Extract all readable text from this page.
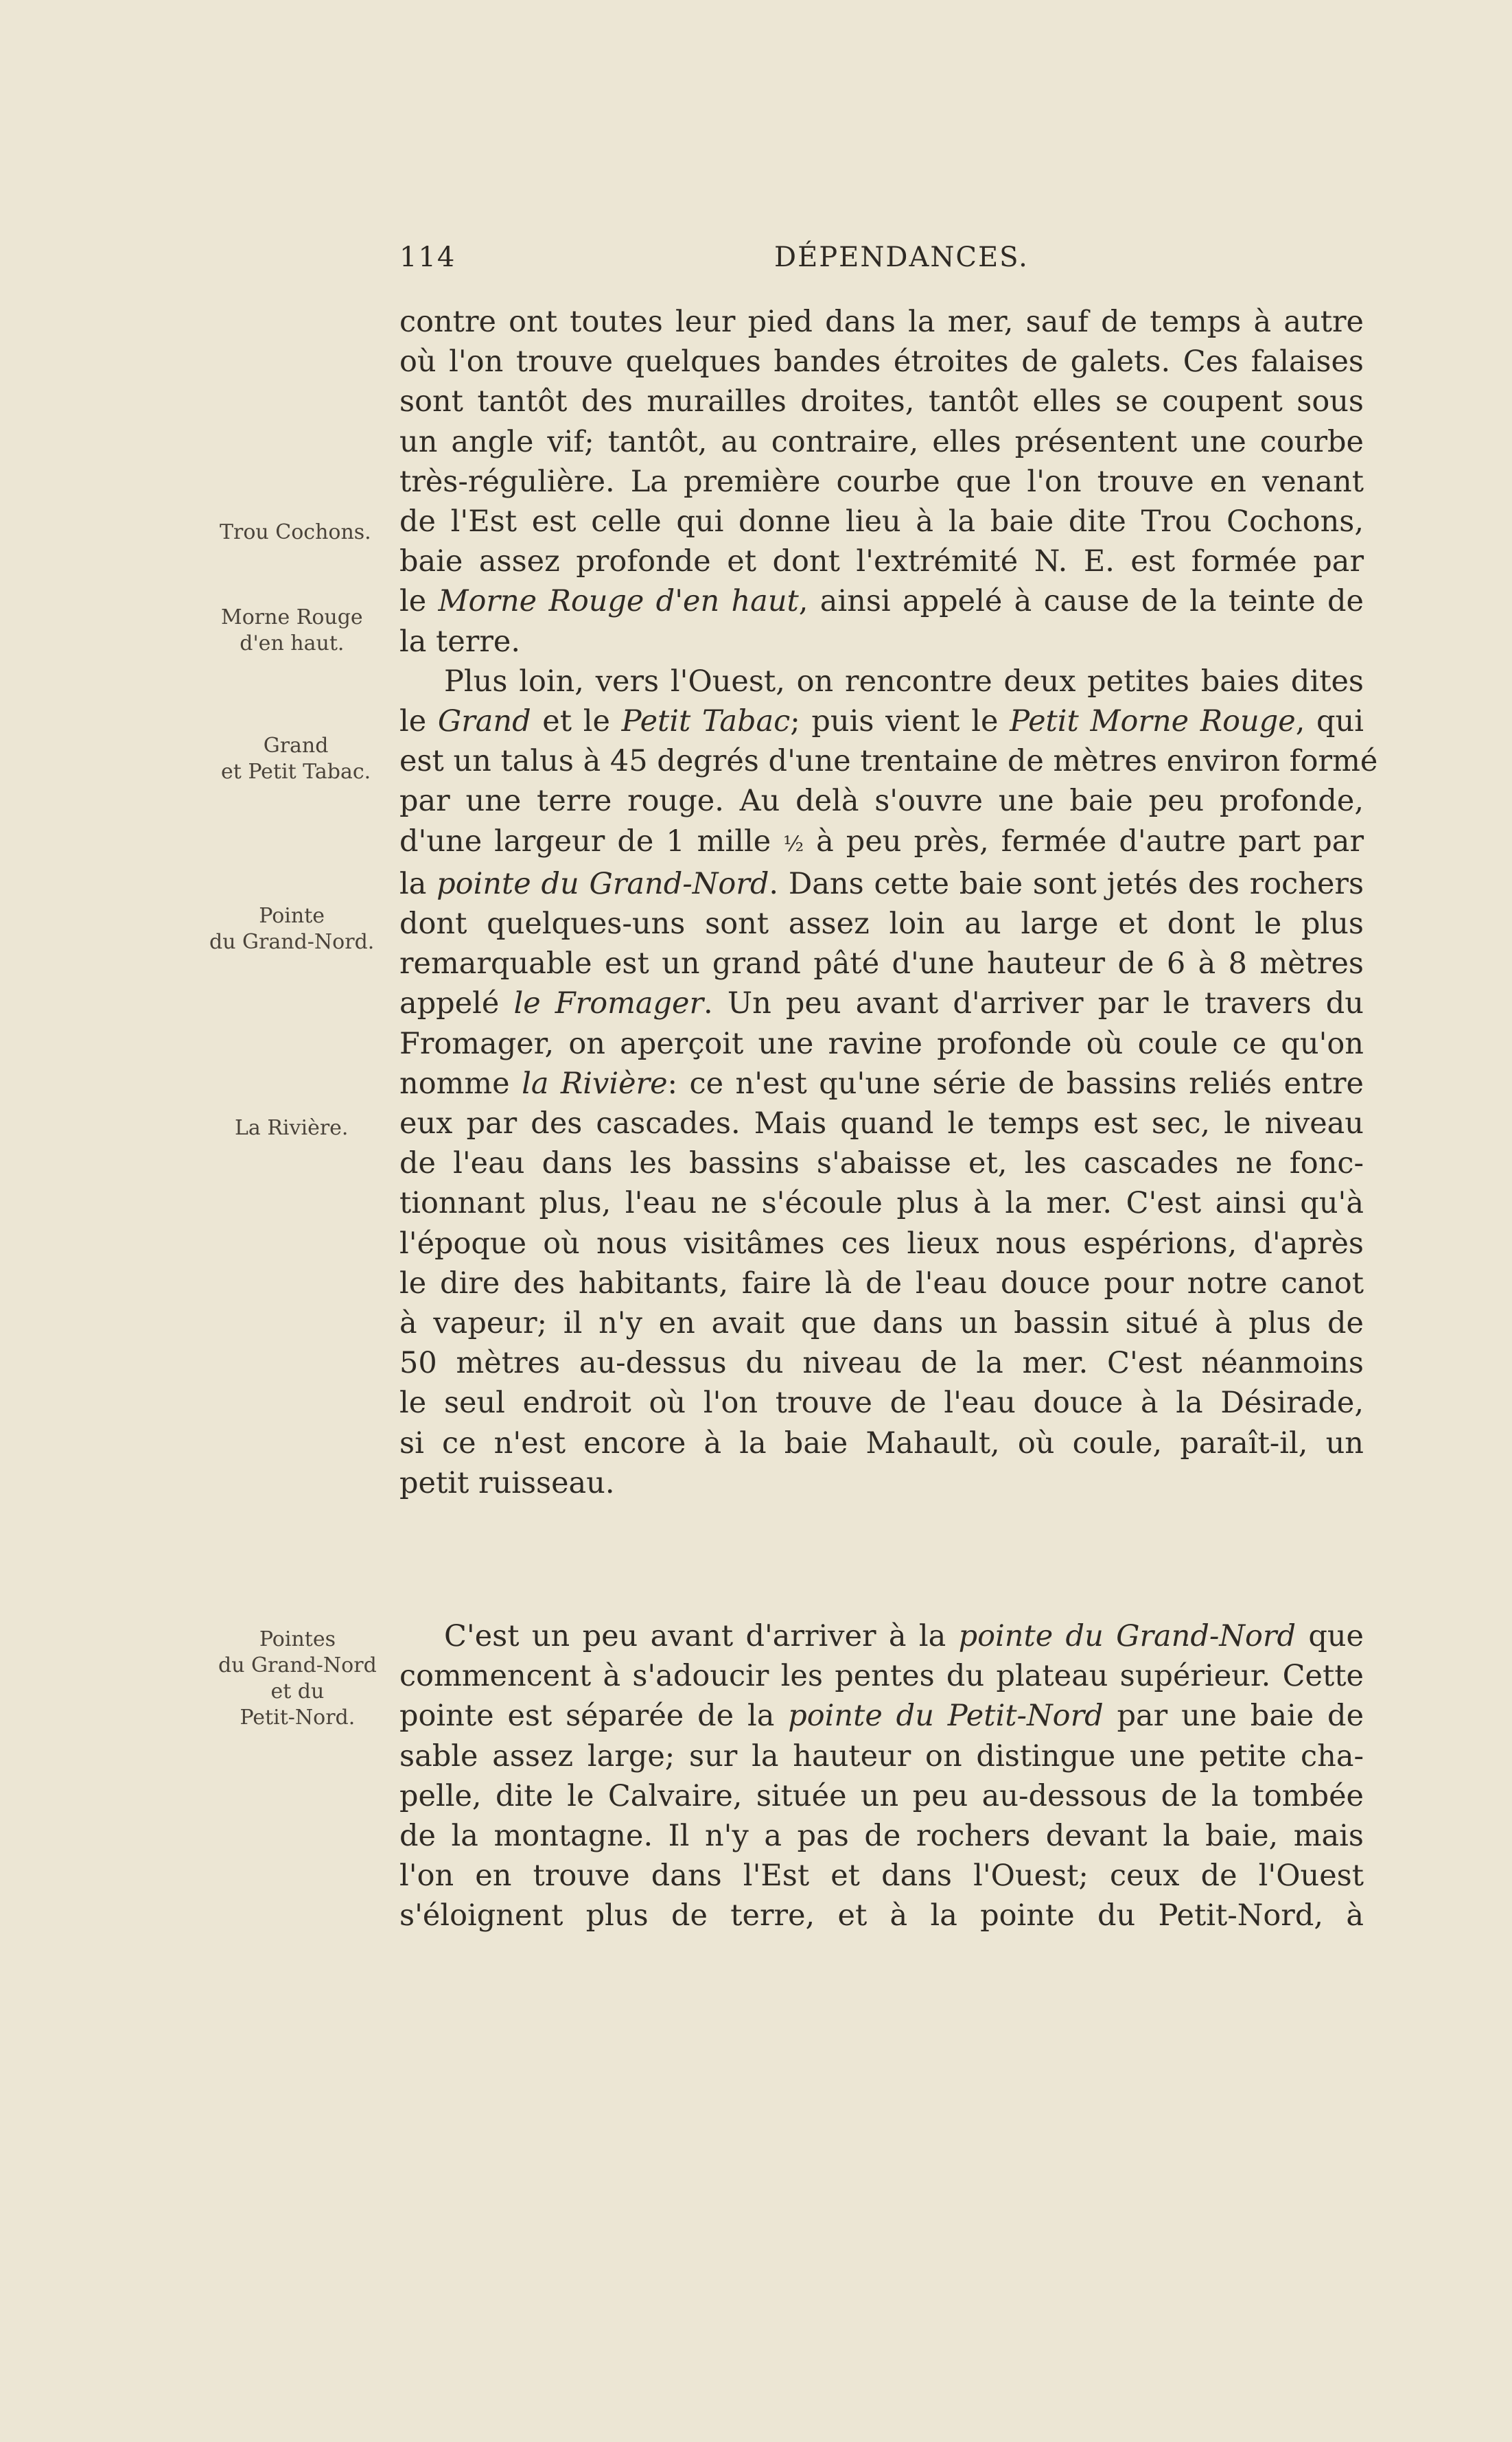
114	DÉPENDANCES.
Trou Cochons.
Morne Rouge
d'en haut.
Grand
et Petit Tabac.
Pointe
du Grand-Nord.
La Rivière.
Pointes
du Grand-Nord
et du
Petit-Nord.

contre ont toutes leur pied dans la mer, sauf de temps à autre
où l'on trouve quelques bandes étroites de galets. Ces falaises
sont tantôt des murailles droites, tantôt elles se coupent sous
un angle vif; tantôt, au contraire, elles présentent une courbe
très-régulière. La première courbe que l'on trouve en venant
de l'Est est celle qui donne lieu à la baie dite Trou Cochons,
baie assez profonde et dont l'extrémité N. E. est formée par
le Morne Rouge d'en haut, ainsi appelé à cause de la teinte de
la terre.

Plus loin, vers l'Ouest, on rencontre deux petites baies dites
le Grand et le Petit Tabac; puis vient le Petit Morne Rouge, qui
est un talus à 45 degrés d'une trentaine de mètres environ formé
par une terre rouge. Au delà s'ouvre une baie peu profonde,
d'une largeur de 1 mille ½ à peu près, fermée d'autre part par
la pointe du Grand-Nord. Dans cette baie sont jetés des rochers
dont quelques-uns sont assez loin au large et dont le plus
remarquable est un grand pâté d'une hauteur de 6 à 8 mètres
appelé le Fromager. Un peu avant d'arriver par le travers du
Fromager, on aperçoit une ravine profonde où coule ce qu'on
nomme la Rivière: ce n'est qu'une série de bassins reliés entre
eux par des cascades. Mais quand le temps est sec, le niveau
de l'eau dans les bassins s'abaisse et, les cascades ne fonc-
tionnant plus, l'eau ne s'écoule plus à la mer. C'est ainsi qu'à
l'époque où nous visitâmes ces lieux nous espérions, d'après
le dire des habitants, faire là de l'eau douce pour notre canot
à vapeur; il n'y en avait que dans un bassin situé à plus de
50 mètres au-dessus du niveau de la mer. C'est néanmoins
le seul endroit où l'on trouve de l'eau douce à la Désirade,
si ce n'est encore à la baie Mahault, où coule, paraît-il, un
petit ruisseau.

C'est un peu avant d'arriver à la pointe du Grand-Nord que
commencent à s'adoucir les pentes du plateau supérieur. Cette
pointe est séparée de la pointe du Petit-Nord par une baie de
sable assez large; sur la hauteur on distingue une petite cha-
pelle, dite le Calvaire, située un peu au-dessous de la tombée
de la montagne. Il n'y a pas de rochers devant la baie, mais
l'on en trouve dans l'Est et dans l'Ouest; ceux de l'Ouest
s'éloignent plus de terre, et à la pointe du Petit-Nord, à
